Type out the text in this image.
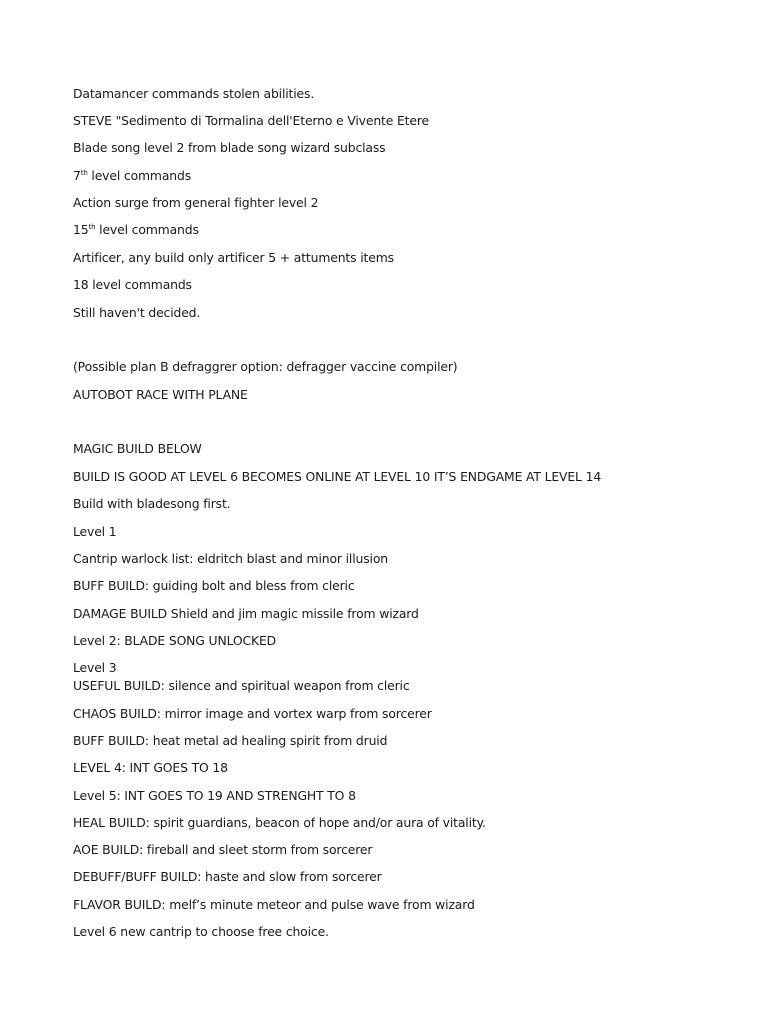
Datamancer commands stolen abilities.
STEVE "Sedimento di Tormalina dell'Eterno e Vivente Etere
Blade song level 2 from blade song wizard subclass
7th level commands
Action surge from general fighter level 2
15th level commands
Artificer, any build only artificer 5 + attuments items
18 level commands
Still haven't decided.
(Possible plan B defraggrer option: defragger vaccine compiler)
AUTOBOT RACE WITH PLANE
MAGIC BUILD BELOW
BUILD IS GOOD AT LEVEL 6 BECOMES ONLINE AT LEVEL 10 IT’S ENDGAME AT LEVEL 14
Build with bladesong first.
Level 1
Cantrip warlock list: eldritch blast and minor illusion
BUFF BUILD: guiding bolt and bless from cleric
DAMAGE BUILD Shield and jim magic missile from wizard
Level 2: BLADE SONG UNLOCKED
Level 3
USEFUL BUILD: silence and spiritual weapon from cleric
CHAOS BUILD: mirror image and vortex warp from sorcerer
BUFF BUILD: heat metal ad healing spirit from druid
LEVEL 4: INT GOES TO 18
Level 5: INT GOES TO 19 AND STRENGHT TO 8
HEAL BUILD: spirit guardians, beacon of hope and/or aura of vitality.
AOE BUILD: fireball and sleet storm from sorcerer
DEBUFF/BUFF BUILD: haste and slow from sorcerer
FLAVOR BUILD: melf’s minute meteor and pulse wave from wizard
Level 6 new cantrip to choose free choice.
